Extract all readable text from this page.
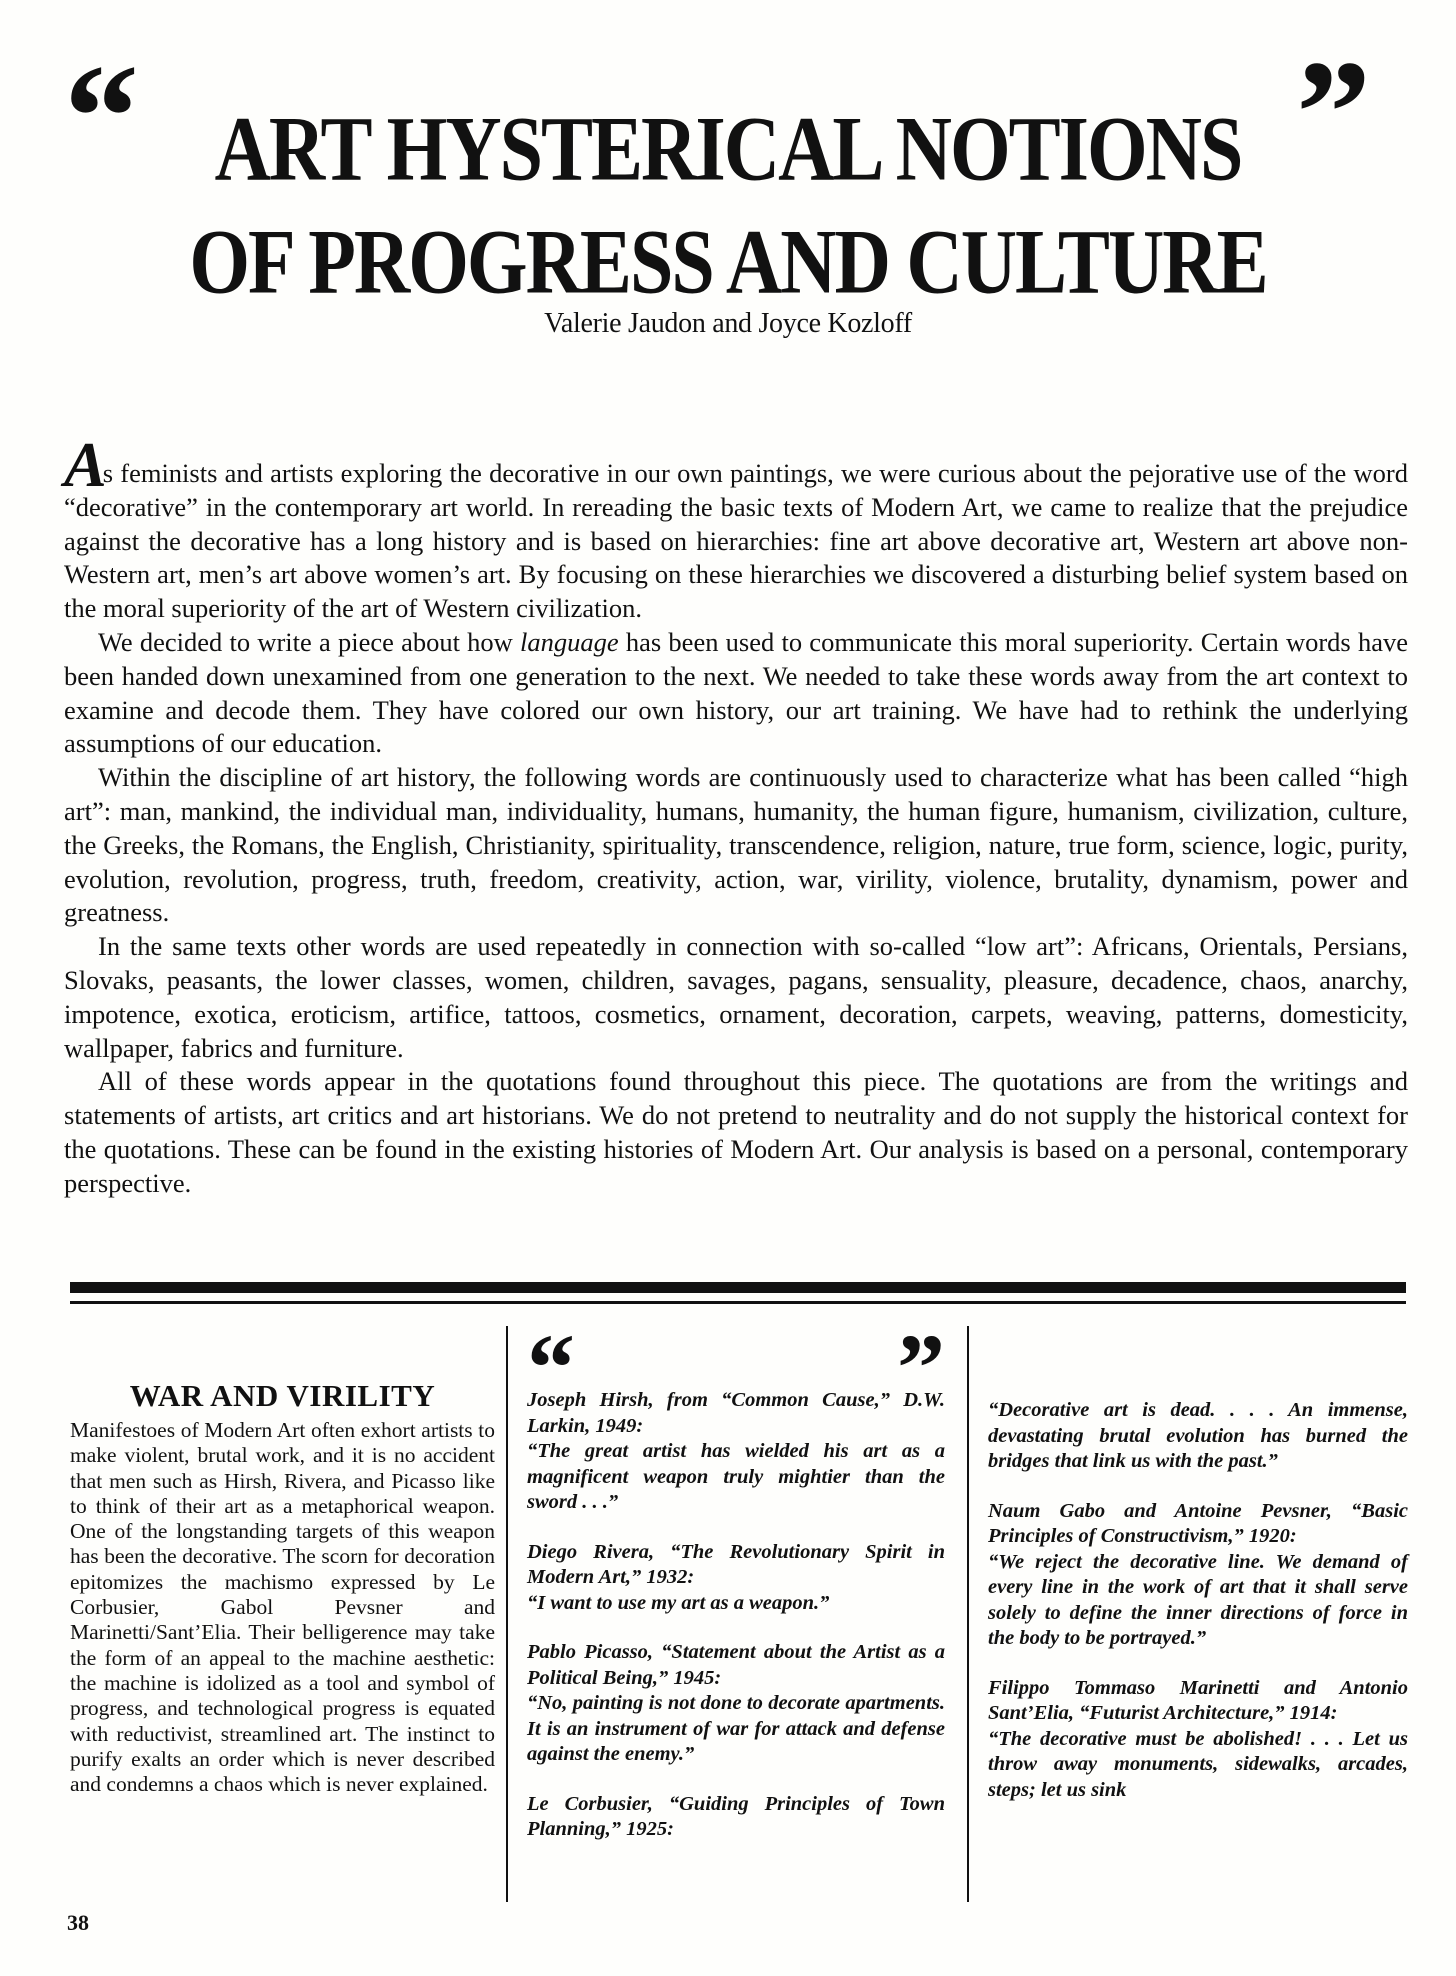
“	”
ART HYSTERICAL NOTIONS
OF PROGRESS AND CULTURE
Valerie Jaudon and Joyce Kozloff

As feminists and artists exploring the decorative in our own paintings, we were curious about the pejorative use of the word “decorative” in the contemporary art world. In rereading the basic texts of Modern Art, we came to realize that the prejudice against the decorative has a long history and is based on hierarchies: fine art above decorative art, Western art above non-Western art, men’s art above women’s art. By focusing on these hierarchies we discovered a disturbing belief system based on the moral superiority of the art of Western civilization.

We decided to write a piece about how language has been used to communicate this moral superiority. Certain words have been handed down unexamined from one generation to the next. We needed to take these words away from the art context to examine and decode them. They have colored our own history, our art training. We have had to rethink the underlying assumptions of our education.

Within the discipline of art history, the following words are continuously used to characterize what has been called “high art”: man, mankind, the individual man, individuality, humans, humanity, the human figure, humanism, civilization, culture, the Greeks, the Romans, the English, Christianity, spirituality, transcendence, religion, nature, true form, science, logic, purity, evolution, revolution, progress, truth, freedom, creativity, action, war, virility, violence, brutality, dynamism, power and greatness.

In the same texts other words are used repeatedly in connection with so-called “low art”: Africans, Orientals, Persians, Slovaks, peasants, the lower classes, women, children, savages, pagans, sensuality, pleasure, decadence, chaos, anarchy, impotence, exotica, eroticism, artifice, tattoos, cosmetics, ornament, decoration, carpets, weaving, patterns, domesticity, wallpaper, fabrics and furniture.

All of these words appear in the quotations found throughout this piece. The quotations are from the writings and statements of artists, art critics and art historians. We do not pretend to neutrality and do not supply the historical context for the quotations. These can be found in the existing histories of Modern Art. Our analysis is based on a personal, contemporary perspective.

WAR AND VIRILITY

Manifestoes of Modern Art often exhort artists to make violent, brutal work, and it is no accident that men such as Hirsh, Rivera, and Picasso like to think of their art as a metaphorical weapon. One of the longstanding targets of this weapon has been the decorative. The scorn for decoration epitomizes the machismo expressed by Le Corbusier, Gabol Pevsner and Marinetti/Sant’Elia. Their belligerence may take the form of an appeal to the machine aesthetic: the machine is idolized as a tool and symbol of progress, and technological progress is equated with reductivist, streamlined art. The instinct to purify exalts an order which is never described and condemns a chaos which is never explained.

“	”
Joseph Hirsh, from “Common Cause,” D.W. Larkin, 1949:
“The great artist has wielded his art as a magnificent weapon truly mightier than the sword . . .”
Diego Rivera, “The Revolutionary Spirit in Modern Art,” 1932:
“I want to use my art as a weapon.”
Pablo Picasso, “Statement about the Artist as a Political Being,” 1945:
“No, painting is not done to decorate apartments. It is an instrument of war for attack and defense against the enemy.”
Le Corbusier, “Guiding Principles of Town Planning,” 1925:
“Decorative art is dead. . . . An immense, devastating brutal evolution has burned the bridges that link us with the past.”
Naum Gabo and Antoine Pevsner, “Basic Principles of Constructivism,” 1920:
“We reject the decorative line. We demand of every line in the work of art that it shall serve solely to define the inner directions of force in the body to be portrayed.”
Filippo Tommaso Marinetti and Antonio Sant’Elia, “Futurist Architecture,” 1914:
“The decorative must be abolished! . . . Let us throw away monuments, sidewalks, arcades, steps; let us sink
38
